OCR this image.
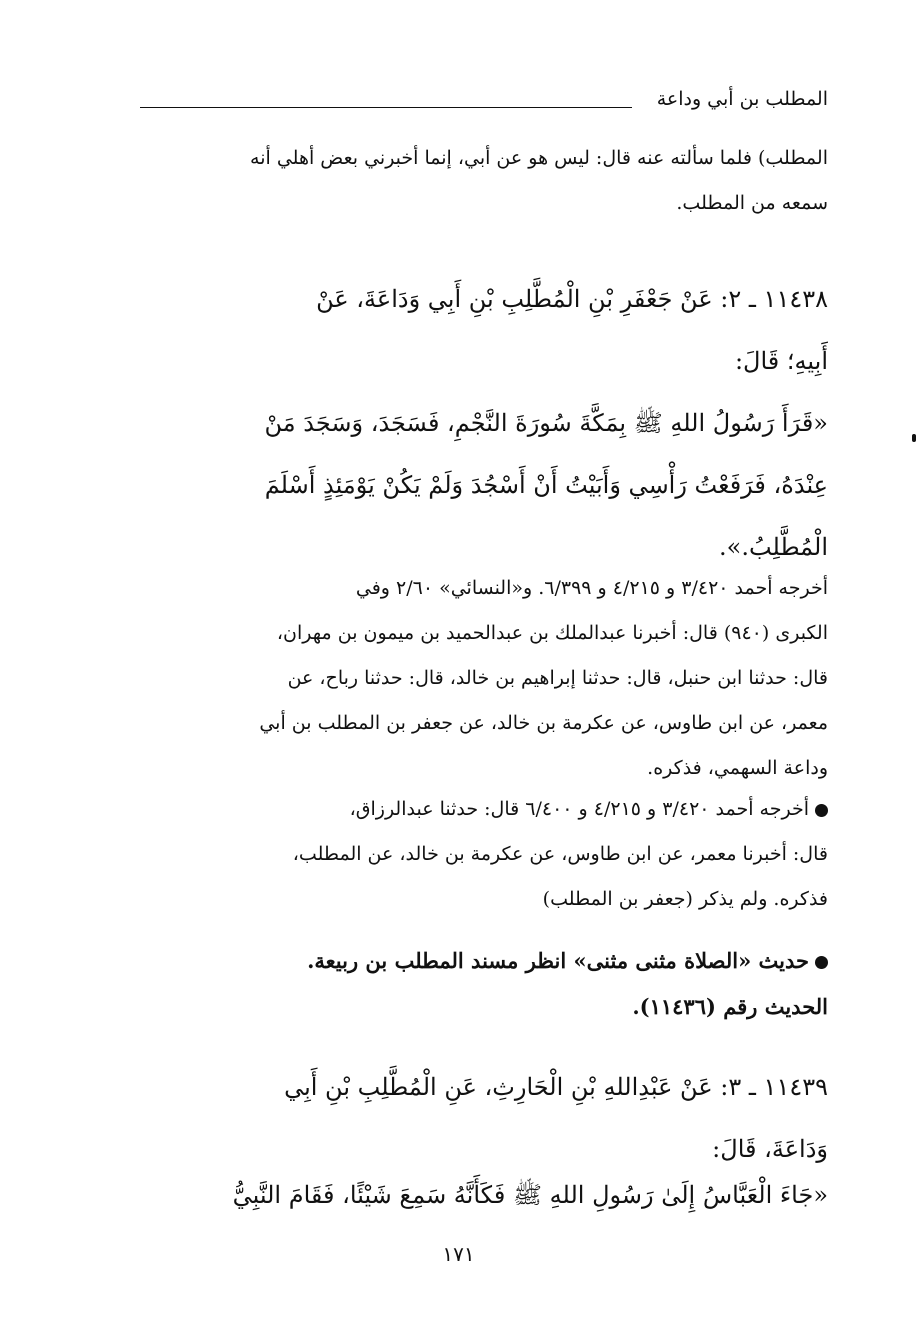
المطلب بن أبي وداعة
المطلب) فلما سألته عنه قال: ليس هو عن أبي، إنما أخبرني بعض أهلي أنه
سمعه من المطلب.
١١٤٣٨ ـ ٢: عَنْ جَعْفَرِ بْنِ الْمُطَّلِبِ بْنِ أَبِي وَدَاعَةَ، عَنْ
أَبِيهِ؛ قَالَ:
«قَرَأَ رَسُولُ اللهِ ﷺ بِمَكَّةَ سُورَةَ النَّجْمِ، فَسَجَدَ، وَسَجَدَ مَنْ
عِنْدَهُ، فَرَفَعْتُ رَأْسِي وَأَبَيْتُ أَنْ أَسْجُدَ وَلَمْ يَكُنْ يَوْمَئِذٍ أَسْلَمَ
الْمُطَّلِبُ.».
أخرجه أحمد ٣/٤٢٠ و ٤/٢١٥ و ٦/٣٩٩. و«النسائي» ٢/٦٠ وفي
الكبرى (٩٤٠) قال: أخبرنا عبدالملك بن عبدالحميد بن ميمون بن مهران،
قال: حدثنا ابن حنبل، قال: حدثنا إبراهيم بن خالد، قال: حدثنا رباح، عن
معمر، عن ابن طاوس، عن عكرمة بن خالد، عن جعفر بن المطلب بن أبي
وداعة السهمي، فذكره.
أخرجه أحمد ٣/٤٢٠ و ٤/٢١٥ و ٦/٤٠٠ قال: حدثنا عبدالرزاق،
قال: أخبرنا معمر، عن ابن طاوس، عن عكرمة بن خالد، عن المطلب،
فذكره. ولم يذكر (جعفر بن المطلب)
حديث «الصلاة مثنى مثنى» انظر مسند المطلب بن ربيعة.
الحديث رقم (١١٤٣٦).
١١٤٣٩ ـ ٣: عَنْ عَبْدِاللهِ بْنِ الْحَارِثِ، عَنِ الْمُطَّلِبِ بْنِ أَبِي
وَدَاعَةَ، قَالَ:
«جَاءَ الْعَبَّاسُ إِلَىٰ رَسُولِ اللهِ ﷺ فَكَأَنَّهُ سَمِعَ شَيْئًا، فَقَامَ النَّبِيُّ
١٧١
